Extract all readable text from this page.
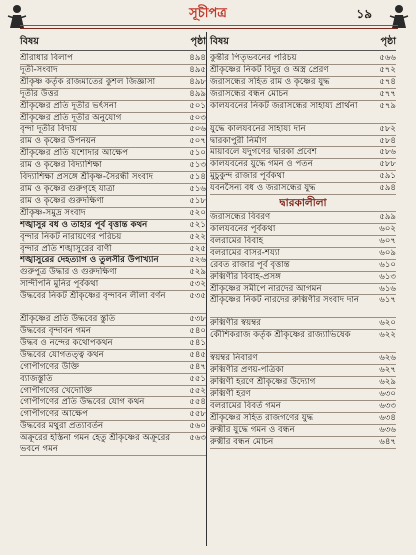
সূচীপত্র	১৯
বিষয়	পৃষ্ঠা
শ্রীরাধার বিলাপ	৪৯৪
দূতী-সংবাদ	৪৯৫
শ্রীকৃষ্ণ কর্তৃক রাজমাতের কুশল জিজ্ঞাসা	৪৯৮
দূতীর উত্তর	৪৯৯
শ্রীকৃষ্ণের প্রতি দূতীর ভর্ৎসনা	৫০১
শ্রীকৃষ্ণের প্রতি দূতীর অনুযোগ	৫০৩
বৃন্দা দূতীর বিদায়	৫০৬
রাম ও কৃষ্ণের উপনয়ন	৫০৭
শ্রীকৃষ্ণের প্রতি যশোদার আক্ষেপ	৫১০
রাম ও কৃষ্ণের বিদ্যাশিক্ষা	৫১৩
বিদ্যাশিক্ষা প্রসঙ্গে শ্রীকৃষ্ণ-সৈরন্ধী সংবাদ	৫১৪
রাম ও কৃষ্ণের গুরুগৃহে যাত্রা	৫১৬
রাম ও কৃষ্ণের গুরুদক্ষিণা	৫১৮
শ্রীকৃষ্ণ-সমুদ্র সংবাদ	৫২০
শঙ্খাসুর বধ ও তাহার পূর্ব বৃত্তান্ত কথন	৫২১
বৃন্দার নিকট নারায়ণের পরিচয়	৫২২
বৃন্দার প্রতি শঙ্খাসুরের বাণী	৫২৫
শঙ্খাসুরের দেহত্যাগ ও তুলসীর উপাখ্যান	৫২৬
গুরুপুত্র উদ্ধার ও গুরুদক্ষিণা	৫২৯
সান্দীপনি মুনির পূর্বকথা	৫৩২
উদ্ধবের নিকট শ্রীকৃষ্ণের বৃন্দাবন লীলা বর্ণন	৫৩৫
শ্রীকৃষ্ণের প্রতি উদ্ধবের স্তুতি	৫৩৮
উদ্ধবের বৃন্দাবন গমন	৫৪০
উদ্ধব ও নন্দের কথোপকথন	৫৪১
উদ্ধবের যোগতত্ত্ব কথন	৫৪৫
গোপীগণের উক্তি	৫৪৭
ব্যাজস্তুতি	৫৫১
গোপীগণের খেদোক্তি	৫৫২
গোপীগণের প্রতি উদ্ধবের যোগ কথন	৫৫৪
গোপীগণের আক্ষেপ	৫৫৮
উদ্ধবের মথুরা প্রত্যাবর্তন	৫৬০
অক্রূরের হস্তিনা গমন হেতু শ্রীকৃষ্ণের অক্রূরের ভবনে গমন
৫৬৩
বিষয়	পৃষ্ঠা
কুন্তীর পিতৃভবনের পরিচয়	৫৬৬
শ্রীকৃষ্ণের নিকট বিদুর ও অস্ত্র প্রেরণ	৫৭২
জরাসন্ধের সহিত রাম ও কৃষ্ণের যুদ্ধ	৫৭৪
জরাসন্ধের বন্ধন মোচন	৫৭৭
কালযবনের নিকট জরাসন্ধের সাহায্য প্রার্থনা	৫৭৯
যুদ্ধে কালযবনের সাহায্য দান	৫৮২
দ্বারকাপুরী নির্মাণ	৫৮৪
মায়াবলে যদুগণের দ্বারকা প্রবেশ	৫৮৬
কালযবনের যুদ্ধে গমন ও পতন	৫৮৮
মুচুকুন্দ রাজার পূর্বকথা	৫৯১
যবনসৈন্য বধ ও জরাসন্ধের যুদ্ধ	৫৯৪
দ্বারকালীলা
জরাসন্ধের বিবরণ	৫৯৯
কালযবনের পূর্বকথা	৬০২
বলরামের বিবাহ	৬০৭
বলরামের বাসর-শয্যা	৬০৯
রেবত রাজার পূর্ব বৃত্তান্ত	৬১০
রুক্মিণীর বিবাহ-প্রসঙ্গ	৬১৩
শ্রীকৃষ্ণের সমীপে নারদের আগমন	৬১৬
শ্রীকৃষ্ণের নিকট নারদের রুক্মিণীর সংবাদ দান	৬১৭
রুক্মিণীর স্বয়ম্বর	৬২০
কৌশিকরাজ কর্তৃক শ্রীকৃষ্ণের রাজ্যাভিষেক	৬২২
স্বয়ম্বর নিবারণ	৬২৬
রুক্মিণীর প্রণয়-পত্রিকা	৬২৭
রুক্মিণী হরণে শ্রীকৃষ্ণের উদ্যোগ	৬২৯
রুক্মিণী হরণ	৬৩০
বলরামের বিবর্ত গমন	৬৩৩
শ্রীকৃষ্ণের সহিত রাজগণের যুদ্ধ	৬৩৪
রুক্মীর যুদ্ধে গমন ও বন্ধন	৬৩৬
রুক্মীর বন্ধন মোচন	৬৪৭
